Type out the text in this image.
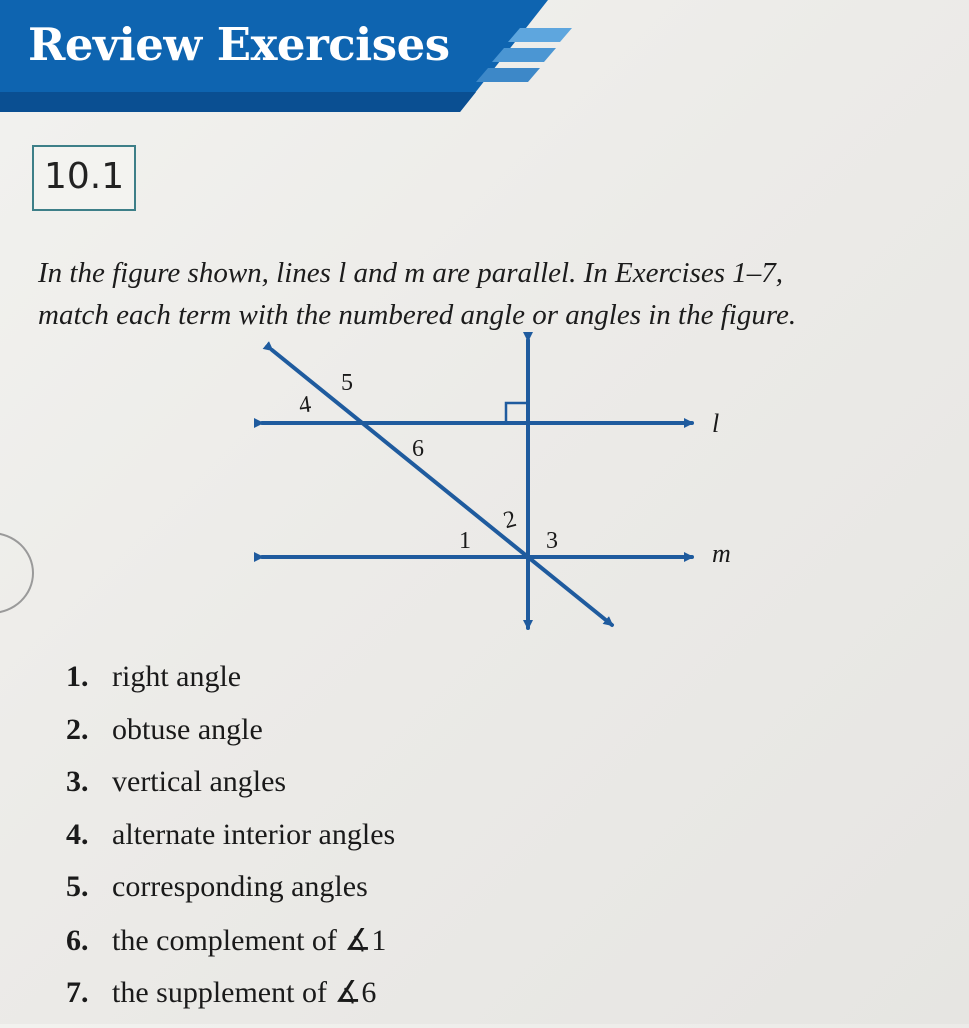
Review Exercises
10.1
In the figure shown, lines l and m are parallel. In Exercises 1–7,
match each term with the numbered angle or angles in the figure.
4
5
6
1
2
3
l
m
1. right angle
2. obtuse angle
3. vertical angles
4. alternate interior angles
5. corresponding angles
6. the complement of ∡1
7. the supplement of ∡6
